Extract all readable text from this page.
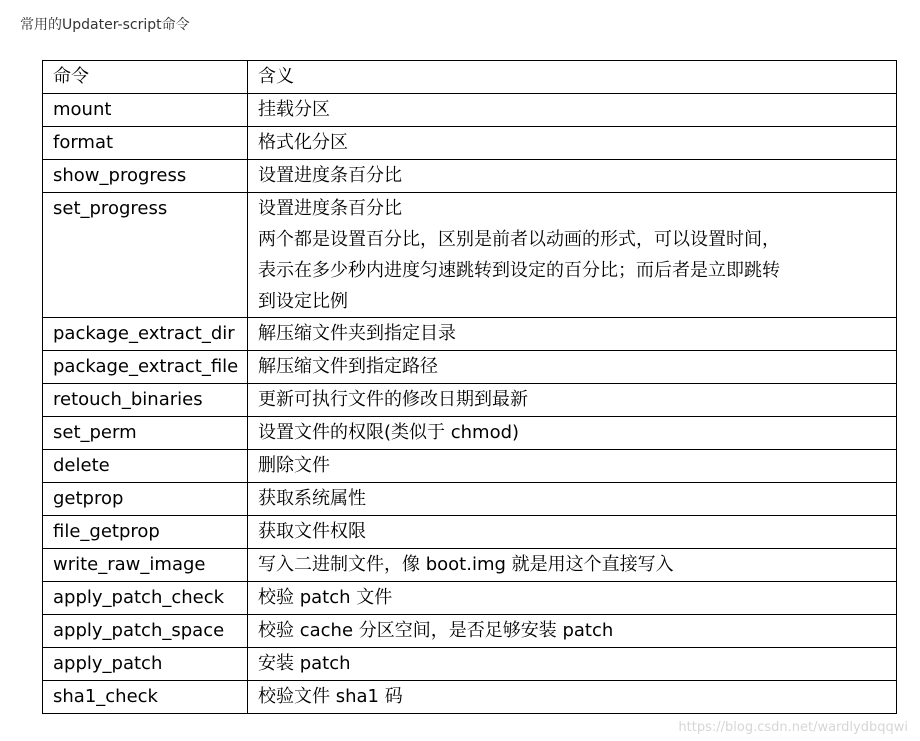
常用的Updater-script命令
命令	含义
mount	挂载分区

format	格式化分区

show_progress	设置进度条百分比

set_progress	设置进度条百分比
两个都是设置百分比，区别是前者以动画的形式，可以设置时间，
表示在多少秒内进度匀速跳转到设定的百分比；而后者是立即跳转
到设定比例

package_extract_dir	解压缩文件夹到指定目录

package_extract_file	解压缩文件到指定路径

retouch_binaries	更新可执行文件的修改日期到最新

set_perm	设置文件的权限(类似于 chmod)

delete	删除文件

getprop	获取系统属性

file_getprop	获取文件权限

write_raw_image	写入二进制文件，像 boot.img 就是用这个直接写入

apply_patch_check	校验 patch 文件

apply_patch_space	校验 cache 分区空间，是否足够安装 patch

apply_patch	安装 patch

sha1_check	校验文件 sha1 码
https://blog.csdn.net/wardlydbqqwi
